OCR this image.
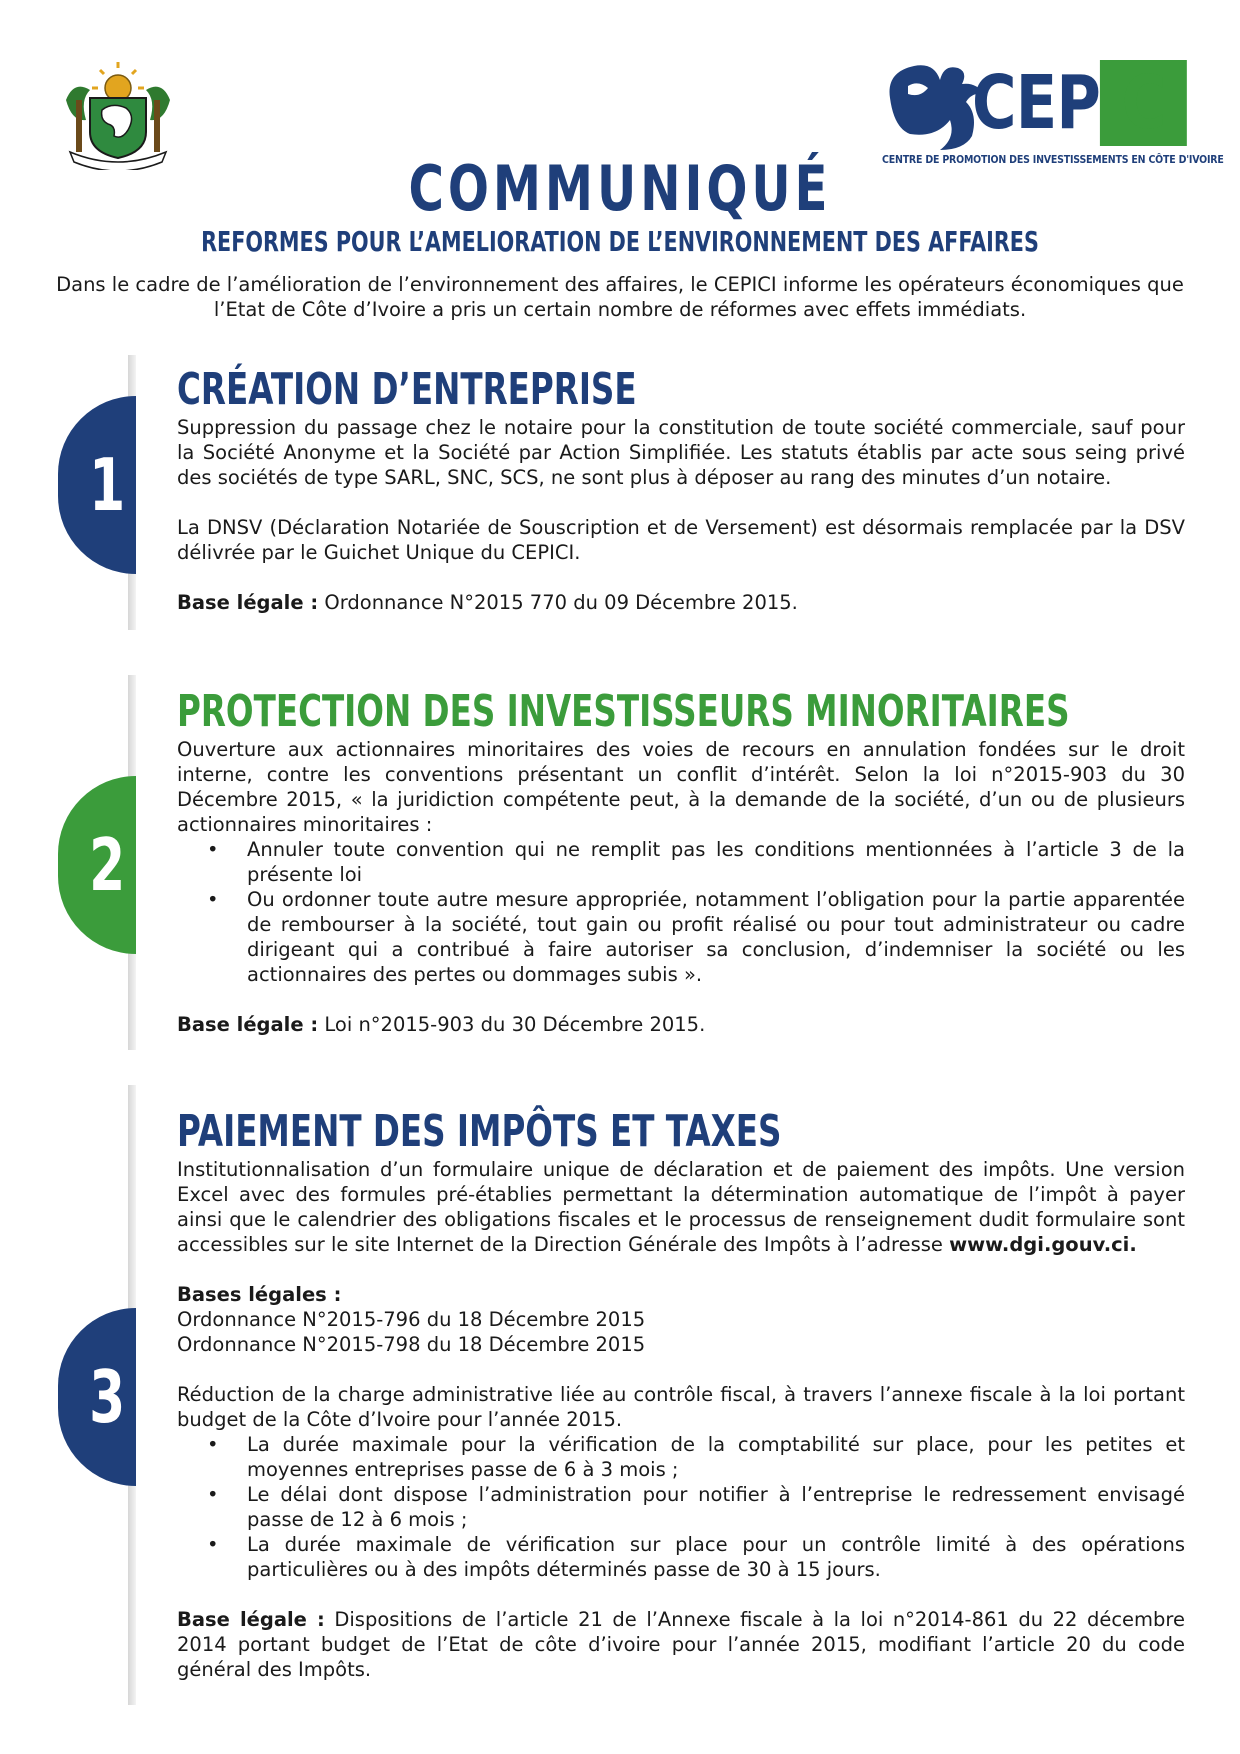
CEPICI
CENTRE DE PROMOTION DES INVESTISSEMENTS EN CÔTE D'IVOIRE
COMMUNIQUÉ
REFORMES POUR L’AMELIORATION DE L’ENVIRONNEMENT DES AFFAIRES
Dans le cadre de l’amélioration de l’environnement des affaires, le CEPICI informe les opérateurs économiques que l’Etat de Côte d’Ivoire a pris un certain nombre de réformes avec effets immédiats.
1
CRÉATION D’ENTREPRISE

Suppression du passage chez le notaire pour la constitution de toute société commerciale, sauf pour la Société Anonyme et la Société par Action Simplifiée. Les statuts établis par acte sous seing privé des sociétés de type SARL, SNC, SCS, ne sont plus à déposer au rang des minutes d’un notaire.

La DNSV (Déclaration Notariée de Souscription et de Versement) est désormais remplacée par la DSV délivrée par le Guichet Unique du CEPICI.

Base légale : Ordonnance N°2015 770 du 09 Décembre 2015.

2
PROTECTION DES INVESTISSEURS MINORITAIRES

Ouverture aux actionnaires minoritaires des voies de recours en annulation fondées sur le droit interne, contre les conventions présentant un conflit d’intérêt. Selon la loi n°2015-903 du 30 Décembre 2015, « la juridiction compétente peut, à la demande de la société, d’un ou de plusieurs actionnaires minoritaires :

• Annuler toute convention qui ne remplit pas les conditions mentionnées à l’article 3 de la présente loi
• Ou ordonner toute autre mesure appropriée, notamment l’obligation pour la partie apparentée de rembourser à la société, tout gain ou profit réalisé ou pour tout administrateur ou cadre dirigeant qui a contribué à faire autoriser sa conclusion, d’indemniser la société ou les actionnaires des pertes ou dommages subis ».

Base légale : Loi n°2015-903 du 30 Décembre 2015.

3
PAIEMENT DES IMPÔTS ET TAXES

Institutionnalisation d’un formulaire unique de déclaration et de paiement des impôts. Une version Excel avec des formules pré-établies permettant la détermination automatique de l’impôt à payer ainsi que le calendrier des obligations fiscales et le processus de renseignement dudit formulaire sont accessibles sur le site Internet de la Direction Générale des Impôts à l’adresse www.dgi.gouv.ci.

Bases légales :

Ordonnance N°2015-796 du 18 Décembre 2015

Ordonnance N°2015-798 du 18 Décembre 2015

Réduction de la charge administrative liée au contrôle fiscal, à travers l’annexe fiscale à la loi portant budget de la Côte d’Ivoire pour l’année 2015.

• La durée maximale pour la vérification de la comptabilité sur place, pour les petites et moyennes entreprises passe de 6 à 3 mois ;
• Le délai dont dispose l’administration pour notifier à l’entreprise le redressement envisagé passe de 12 à 6 mois ;
• La durée maximale de vérification sur place pour un contrôle limité à des opérations particulières ou à des impôts déterminés passe de 30 à 15 jours.

Base légale : Dispositions de l’article 21 de l’Annexe fiscale à la loi n°2014-861 du 22 décembre 2014 portant budget de l’Etat de côte d’ivoire pour l’année 2015, modifiant l’article 20 du code général des Impôts.
